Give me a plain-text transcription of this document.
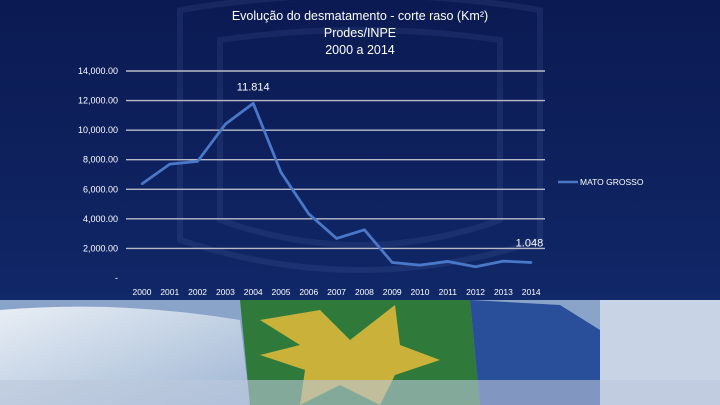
Evolução do desmatamento - corte raso (Km²)
Prodes/INPE
2000 a 2014
-
2,000.00
4,000.00
6,000.00
8,000.00
10,000.00
12,000.00
14,000.00
2000 2001 2002 2003 2004 2005 2006 2007 2008 2009 2010 2011 2012 2013 2014
11.814
1.048
MATO GROSSO
